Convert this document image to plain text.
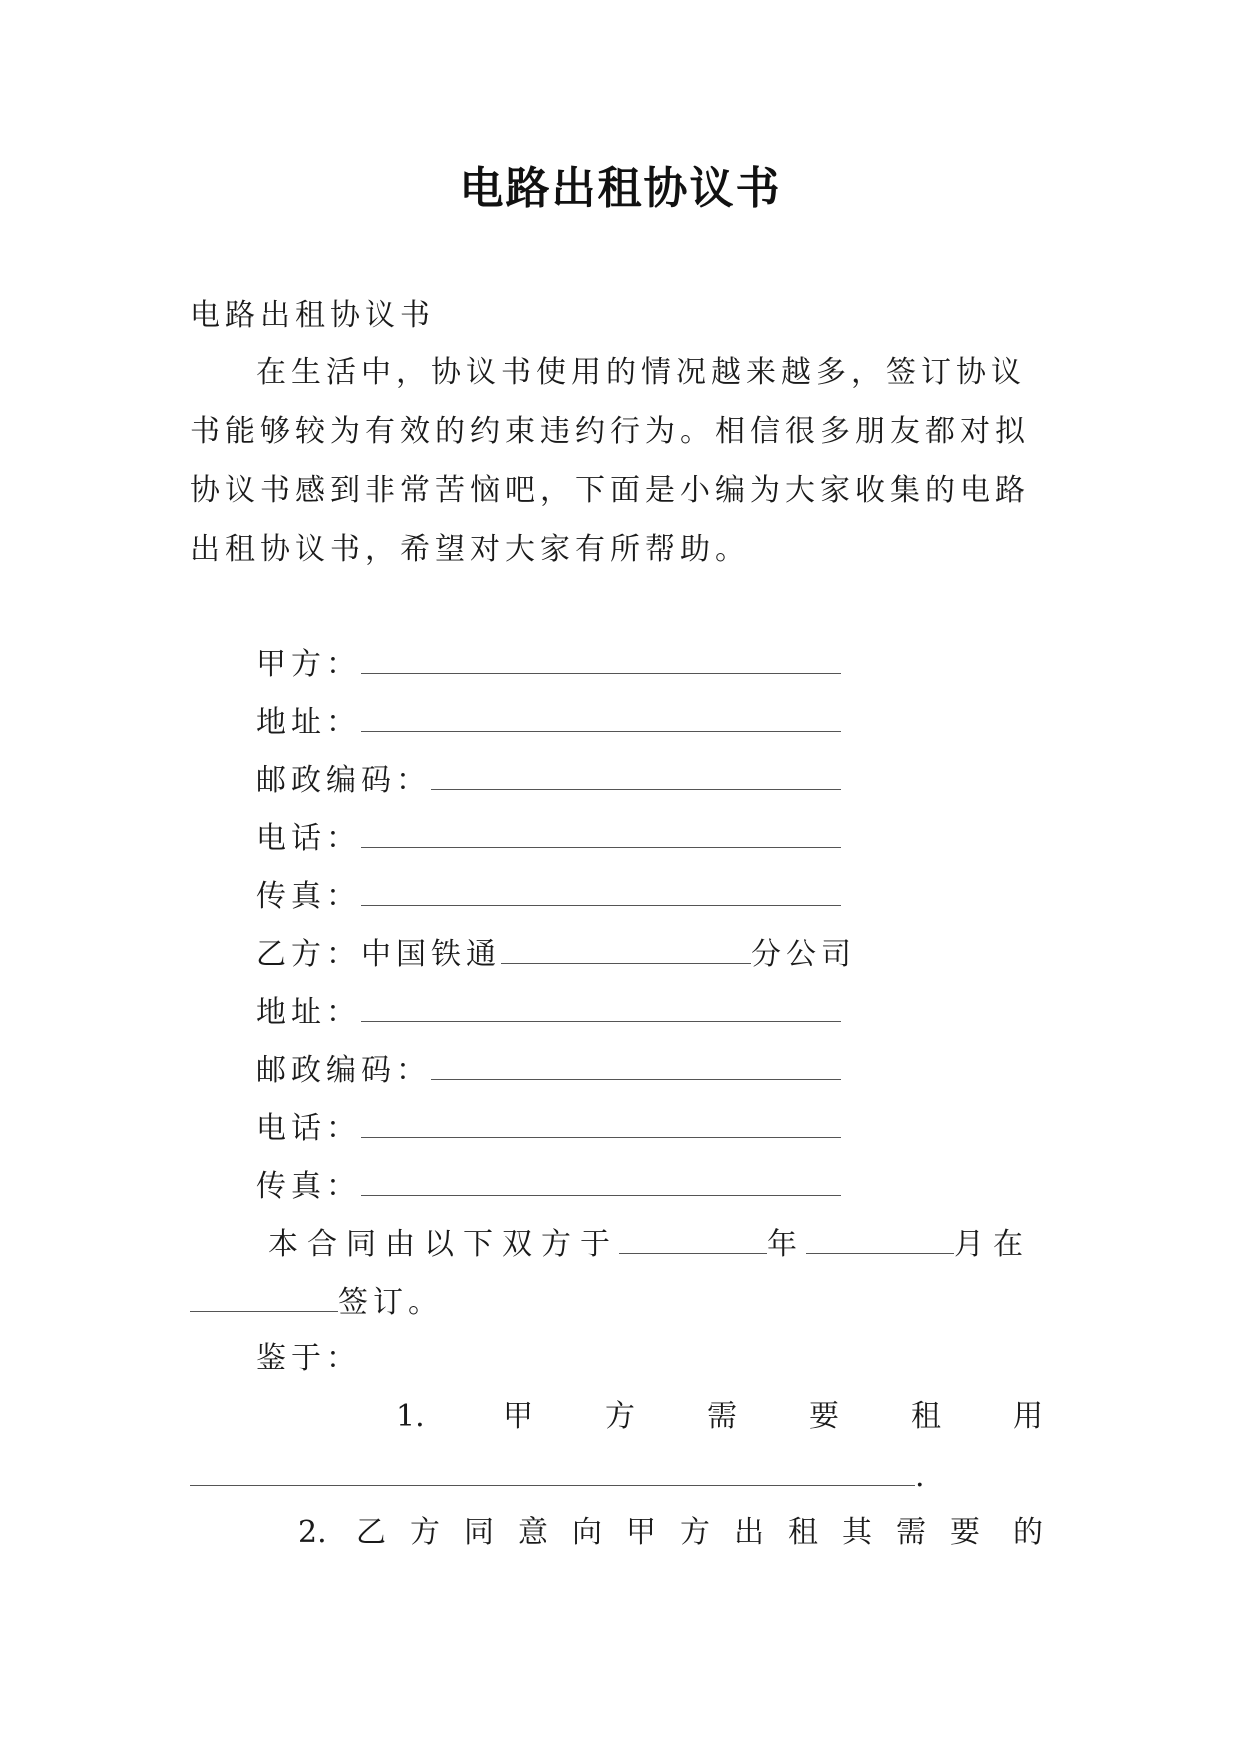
电路出租协议书
电路出租协议书
在生活中，协议书使用的情况越来越多，签订协议书能够较为有效的约束违约行为。相信很多朋友都对拟协议书感到非常苦恼吧，下面是小编为大家收集的电路出租协议书，希望对大家有所帮助。
甲方：
地址：
邮政编码：
电话：
传真：
乙方：中国铁通	分公司
地址：
邮政编码：
电话：
传真：
本合同由以下双方于	年	月在
签订。
鉴于：
1.	甲 方 需 要 租 用
.
2. 乙 方 同 意 向 甲 方 出 租 其 需 要 的
